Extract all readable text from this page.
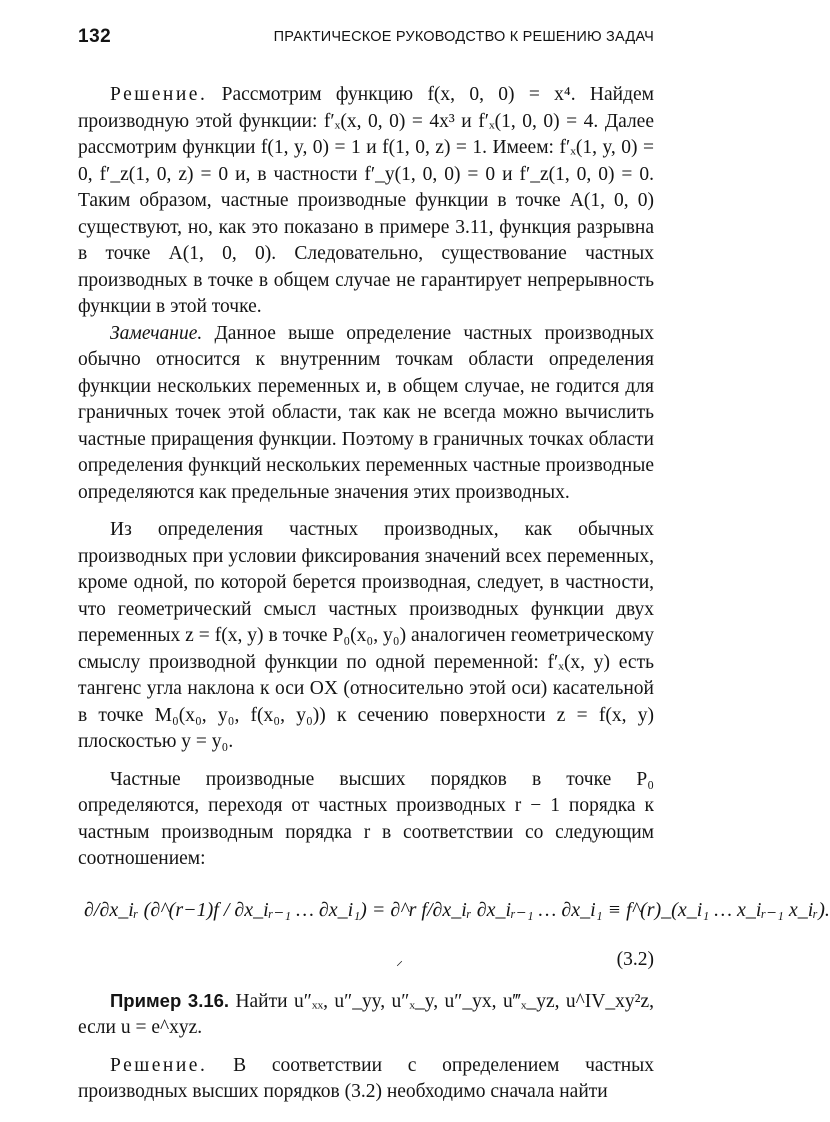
132	ПРАКТИЧЕСКОЕ РУКОВОДСТВО К РЕШЕНИЮ ЗАДАЧ

Решение. Рассмотрим функцию f(x, 0, 0) = x⁴. Найдем производную этой функции: f′ₓ(x, 0, 0) = 4x³ и f′ₓ(1, 0, 0) = 4. Далее рассмотрим функции f(1, y, 0) = 1 и f(1, 0, z) = 1. Имеем: f′ₓ(1, y, 0) = 0, f′_z(1, 0, z) = 0 и, в частности f′_y(1, 0, 0) = 0 и f′_z(1, 0, 0) = 0. Таким образом, частные производные функции в точке A(1, 0, 0) существуют, но, как это показано в примере 3.11, функция разрывна в точке A(1, 0, 0). Следовательно, существование частных производных в точке в общем случае не гарантирует непрерывность функции в этой точке.

Замечание. Данное выше определение частных производных обычно относится к внутренним точкам области определения функции нескольких переменных и, в общем случае, не годится для граничных точек этой области, так как не всегда можно вычислить частные приращения функции. Поэтому в граничных точках области определения функций нескольких переменных частные производные определяются как предельные значения этих производных.

Из определения частных производных, как обычных производных при условии фиксирования значений всех переменных, кроме одной, по которой берется производная, следует, в частности, что геометрический смысл частных производных функции двух переменных z = f(x, y) в точке P₀(x₀, y₀) аналогичен геометрическому смыслу производной функции по одной переменной: f′ₓ(x, y) есть тангенс угла наклона к оси OX (относительно этой оси) касательной в точке M₀(x₀, y₀, f(x₀, y₀)) к сечению поверхности z = f(x, y) плоскостью y = y₀.

Частные производные высших порядков в точке P₀ определяются, переходя от частных производных r − 1 порядка к частным производным порядка r в соответствии со следующим соотношением:

∂/∂x_iᵣ (∂^(r−1)f / ∂x_iᵣ₋₁ … ∂x_i₁) = ∂^r f/∂x_iᵣ ∂x_iᵣ₋₁ … ∂x_i₁ ≡ f^(r)_(x_i₁ … x_iᵣ₋₁ x_iᵣ).
⸝	(3.2)

Пример 3.16. Найти u″ₓₓ, u″_yy, u″ₓ_y, u″_yx, u‴ₓ_yz, u^IV_xy²z, если u = e^xyz.

Решение. В соответствии с определением частных производных высших порядков (3.2) необходимо сначала найти
